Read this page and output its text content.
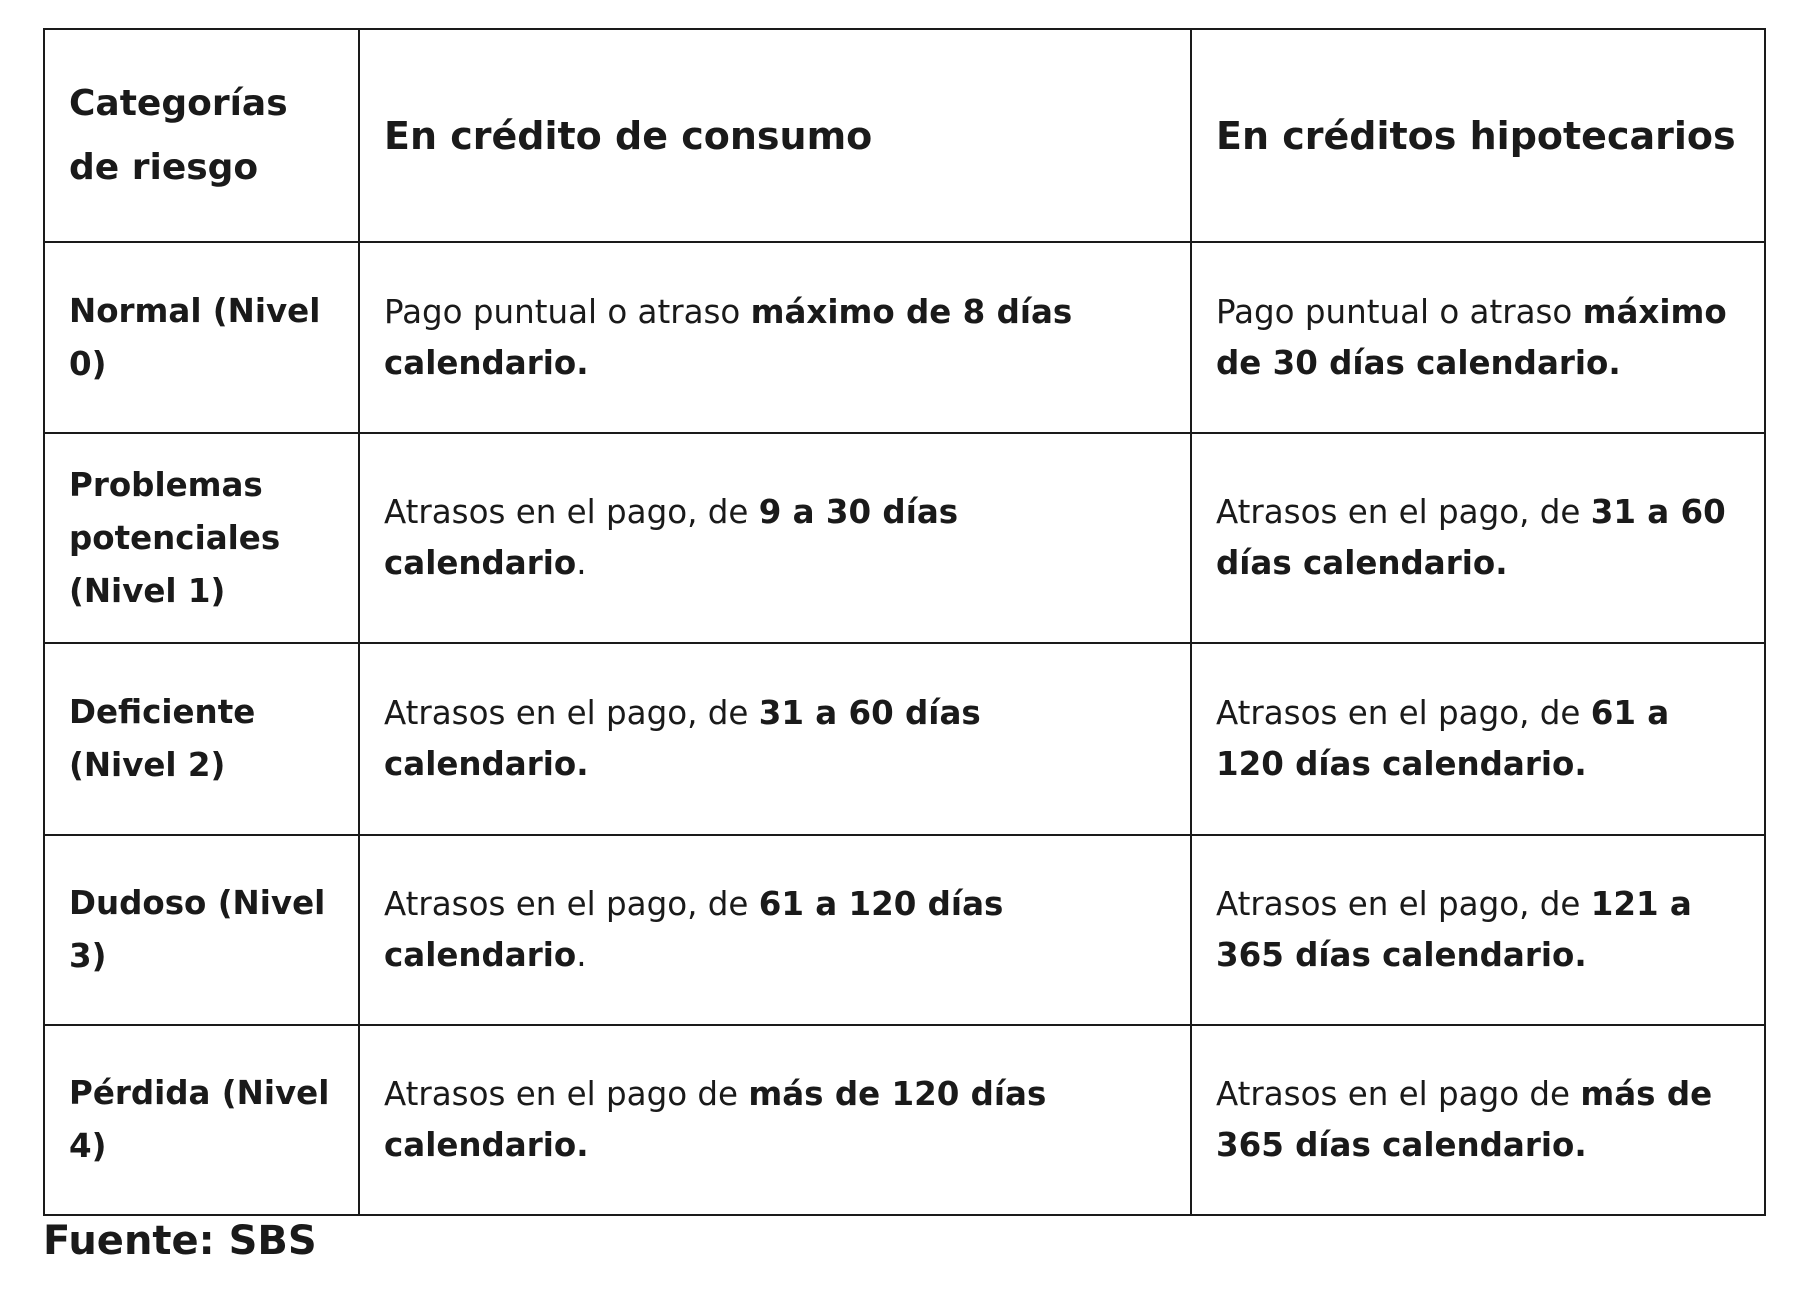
Categorías de riesgo	En crédito de consumo	En créditos hipotecarios
Normal (Nivel 0)	Pago puntual o atraso máximo de 8 días calendario.	Pago puntual o atraso máximo de 30 días calendario.
Problemas potenciales (Nivel 1)	Atrasos en el pago, de 9 a 30 días calendario.	Atrasos en el pago, de 31 a 60 días calendario.
Deficiente (Nivel 2)	Atrasos en el pago, de 31 a 60 días calendario.	Atrasos en el pago, de 61 a 120 días calendario.
Dudoso (Nivel 3)	Atrasos en el pago, de 61 a 120 días calendario.	Atrasos en el pago, de 121 a 365 días calendario.
Pérdida (Nivel 4)	Atrasos en el pago de más de 120 días calendario.	Atrasos en el pago de más de 365 días calendario.
Fuente: SBS
